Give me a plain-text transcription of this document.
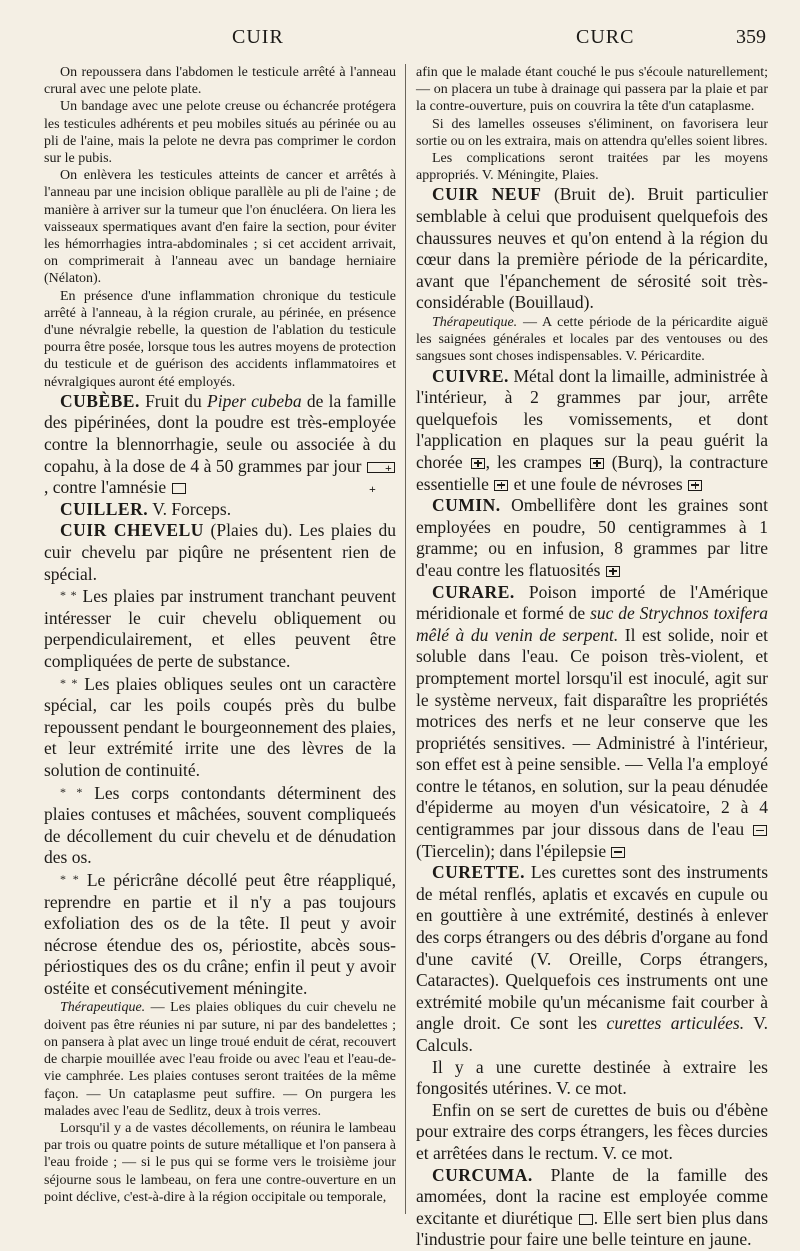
CUIR	CURC	359

On repoussera dans l'abdomen le testicule arrêté à l'anneau crural avec une pelote plate.

Un bandage avec une pelote creuse ou échancrée protégera les testicules adhérents et peu mobiles situés au périnée ou au pli de l'aine, mais la pelote ne devra pas comprimer le cordon sur le pubis.

On enlèvera les testicules atteints de cancer et arrêtés à l'anneau par une incision oblique parallèle au pli de l'aine ; de manière à arriver sur la tumeur que l'on énucléera. On liera les vaisseaux spermatiques avant d'en faire la section, pour éviter les hémorrhagies intra-abdominales ; si cet accident arrivait, on comprimerait à l'anneau avec un bandage herniaire (Nélaton).

En présence d'une inflammation chronique du testicule arrêté à l'anneau, à la région crurale, au périnée, en présence d'une névralgie rebelle, la question de l'ablation du testicule pourra être posée, lorsque tous les autres moyens de protection du testicule et de guérison des accidents inflammatoires et névralgiques auront été employés.

CUBÈBE. Fruit du Piper cubeba de la famille des pipérinées, dont la poudre est très-employée contre la blennorrhagie, seule ou associée à du copahu, à la dose de 4 à 50 grammes par jour + +, contre l'amnésie

CUILLER. V. Forceps.

CUIR CHEVELU (Plaies du). Les plaies du cuir chevelu par piqûre ne présentent rien de spécial.

* * Les plaies par instrument tranchant peuvent intéresser le cuir chevelu obliquement ou perpendiculairement, et elles peuvent être compliquées de perte de substance.

* * Les plaies obliques seules ont un caractère spécial, car les poils coupés près du bulbe repoussent pendant le bourgeonnement des plaies, et leur extrémité irrite une des lèvres de la solution de continuité.

* * Les corps contondants déterminent des plaies contuses et mâchées, souvent compliqueés de décollement du cuir chevelu et de dénudation des os.

* * Le péricrâne décollé peut être réappliqué, reprendre en partie et il n'y a pas toujours exfoliation des os de la tête. Il peut y avoir nécrose étendue des os, périostite, abcès sous-périostiques des os du crâne; enfin il peut y avoir ostéite et consécutivement méningite.

Thérapeutique. — Les plaies obliques du cuir chevelu ne doivent pas être réunies ni par suture, ni par des bandelettes ; on pansera à plat avec un linge troué enduit de cérat, recouvert de charpie mouillée avec l'eau froide ou avec l'eau et l'eau-de-vie camphrée. Les plaies contuses seront traitées de la même façon. — Un cataplasme peut suffire. — On purgera les malades avec l'eau de Sedlitz, deux à trois verres.

Lorsqu'il y a de vastes décollements, on réunira le lambeau par trois ou quatre points de suture métallique et l'on pansera à l'eau froide ; — si le pus qui se forme vers le troisième jour séjourne sous le lambeau, on fera une contre-ouverture en un point déclive, c'est-à-dire à la région occipitale ou temporale,

afin que le malade étant couché le pus s'écoule naturellement; — on placera un tube à drainage qui passera par la plaie et par la contre-ouverture, puis on couvrira la tête d'un cataplasme.

Si des lamelles osseuses s'éliminent, on favorisera leur sortie ou on les extraira, mais on attendra qu'elles soient libres.

Les complications seront traitées par les moyens appropriés. V. Méningite, Plaies.

CUIR NEUF (Bruit de). Bruit particulier semblable à celui que produisent quelquefois des chaussures neuves et qu'on entend à la région du cœur dans la première période de la péricardite, avant que l'épanchement de sérosité soit très-considérable (Bouillaud).

Thérapeutique. — A cette période de la péricardite aiguë les saignées générales et locales par des ventouses ou des sangsues sont choses indispensables. V. Péricardite.

CUIVRE. Métal dont la limaille, administrée à l'intérieur, à 2 grammes par jour, arrête quelquefois les vomissements, et dont l'application en plaques sur la peau guérit la chorée , les crampes (Burq), la contracture essentielle et une foule de névroses

CUMIN. Ombellifère dont les graines sont employées en poudre, 50 centigrammes à 1 gramme; ou en infusion, 8 grammes par litre d'eau contre les flatuosités

CURARE. Poison importé de l'Amérique méridionale et formé de suc de Strychnos toxifera mêlé à du venin de serpent. Il est solide, noir et soluble dans l'eau. Ce poison très-violent, et promptement mortel lorsqu'il est inoculé, agit sur le système nerveux, fait disparaître les propriétés motrices des nerfs et ne leur conserve que les propriétés sensitives. — Administré à l'intérieur, son effet est à peine sensible. — Vella l'a employé contre le tétanos, en solution, sur la peau dénudée d'épiderme au moyen d'un vésicatoire, 2 à 4 centigrammes par jour dissous dans de l'eau  (Tiercelin); dans l'épilepsie

CURETTE. Les curettes sont des instruments de métal renflés, aplatis et excavés en cupule ou en gouttière à une extrémité, destinés à enlever des corps étrangers ou des débris d'organe au fond d'une cavité (V. Oreille, Corps étrangers, Cataractes). Quelquefois ces instruments ont une extrémité mobile qu'un mécanisme fait courber à angle droit. Ce sont les curettes articulées. V. Calculs.

Il y a une curette destinée à extraire les fongosités utérines. V. ce mot.

Enfin on se sert de curettes de buis ou d'ébène pour extraire des corps étrangers, les fèces durcies et arrêtées dans le rectum. V. ce mot.

CURCUMA. Plante de la famille des amomées, dont la racine est employée comme excitante et diurétique . Elle sert bien plus dans l'industrie pour faire une belle teinture en jaune.
